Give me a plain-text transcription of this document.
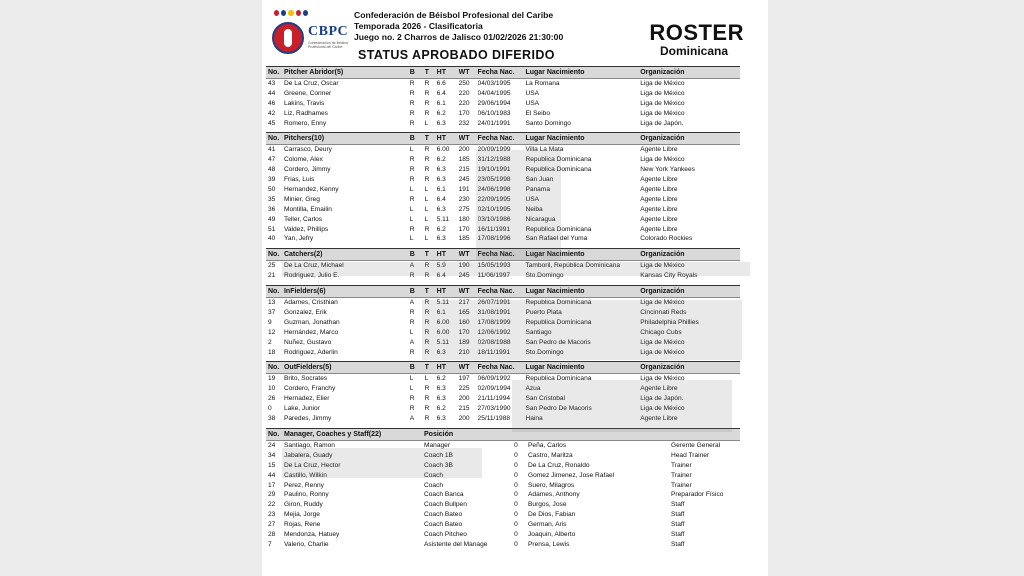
CBPC
Confederación de Béisbol Profesional del Caribe
Confederación de Béisbol Profesional del Caribe
Temporada 2026 - Clasificatoria
Juego no. 2 Charros de Jalisco 01/02/2026 21:30:00
STATUS APROBADO DIFERIDO
ROSTER
Dominicana
No. Pitcher Abridor(5)	B	T	HT	WT	Fecha Nac.	Lugar Nacimiento	Organización
43	De La Cruz, Oscar	R	R	6.6	250	04/03/1995	La Romana	Liga de México
44	Greene, Conner	R	R	6.4	220	04/04/1995	USA	Liga de México
46	Lakins, Travis	R	R	6.1	220	29/06/1994	USA	Liga de México
42	Liz, Radhames	R	R	6.2	170	06/10/1983	El Seibo	Liga de México
45	Romero, Enny	R	L	6.3	232	24/01/1991	Santo Domingo	Liga de Japón.
No. Pitchers(10)	B	T	HT	WT	Fecha Nac.	Lugar Nacimiento	Organización
41	Carrasco, Deury	L	R	6.00	200	20/09/1999	Villa La Mata	Agente Libre
47	Colome, Alex	R	R	6.2	185	31/12/1988	Republica Dominicana	Liga de México
48	Cordero, Jimmy	R	R	6.3	215	19/10/1991	Republica Dominicana	New York Yankees
39	Frias, Luis	R	R	6.3	245	23/05/1998	San Juan	Agente Libre
50	Hernandez, Kenny	L	L	6.1	191	24/06/1998	Panama	Agente Libre
35	Minier, Greg	R	L	6.4	230	22/09/1995	USA	Agente Libre
36	Montilla, Emailin	L	L	6.3	275	02/10/1995	Neiba	Agente Libre
49	Teller, Carlos	L	L	5.11	180	03/10/1986	Nicaragua	Agente Libre
51	Valdez, Phillips	R	R	6.2	170	16/11/1991	Republica Dominicana	Agente Libre
40	Yan, Jefry	L	L	6.3	185	17/08/1996	San Rafael del Yuma	Colorado Rockies
No. Catchers(2)	B	T	HT	WT	Fecha Nac.	Lugar Nacimiento	Organización
25	De La Cruz, Michael	A	R	5.9	190	15/05/1993	Tamboril, República Dominicana	Liga de México
21	Rodriguez, Julio E.	R	R	6.4	245	11/06/1997	Sto.Domingo	Kansas City Royals
No. InFielders(6)	B	T	HT	WT	Fecha Nac.	Lugar Nacimiento	Organización
13	Adames, Cristhian	A	R	5.11	217	26/07/1991	Republica Dominicana	Liga de México
37	Gonzalez, Erik	R	R	6.1	165	31/08/1991	Puerto Plata	Cincinnati Reds
9	Guzman, Jonathan	R	R	6.00	160	17/08/1999	Republica Dominicana	Philadelphia Phillies
12	Hernández, Marco	L	R	6.00	170	12/06/1992	Santiago	Chicago Cubs
2	Nuñez, Gustavo	A	R	5.11	189	02/08/1988	San Pedro de Macoris	Liga de México
18	Rodriguez, Aderlin	R	R	6.3	210	18/11/1991	Sto.Domingo	Liga de México
No. OutFielders(5)	B	T	HT	WT	Fecha Nac.	Lugar Nacimiento	Organización
19	Brito, Socrates	L	L	6.2	197	06/09/1992	Republica Dominicana	Liga de México
10	Cordero, Franchy	L	R	6.3	225	02/09/1994	Azua	Agente Libre
26	Hernadez, Elier	R	R	6.3	200	21/11/1994	San Cristobal	Liga de Japón.
0	Lake, Junior	R	R	6.2	215	27/03/1990	San Pedro De Macoris	Liga de México
38	Paredes, Jimmy	A	R	6.3	200	25/11/1988	Haina	Agente Libre
No. Manager, Coaches y Staff(22)	Posición
24	Santiago, Ramon	Manager	0	Peña, Carlos	Gerente General
34	Jabalera, Guady	Coach 1B	0	Castro, Maritza	Head Trainer
15	De La Cruz, Hector	Coach 3B	0	De La Cruz, Ronaldo	Trainer
44	Castillo, Wilkin	Coach	0	Gomez Jimenez, Jose Rafael	Trainer
17	Perez, Renny	Coach	0	Suero, Milagros	Trainer
29	Paulino, Ronny	Coach Banca	0	Adames, Anthony	Preparador Físico
22	Giron, Ruddy	Coach Bullpen	0	Burgos, Jose	Staff
23	Mejia, Jorge	Coach Bateo	0	De Dios, Fabian	Staff
27	Rojas, Rene	Coach Bateo	0	German, Aris	Staff
28	Mendonza, Hatuey	Coach Pitcheo	0	Joaquin, Alberto	Staff
7	Valerio, Charlie	Asistente del Manage	0	Prensa, Lewis	Staff
